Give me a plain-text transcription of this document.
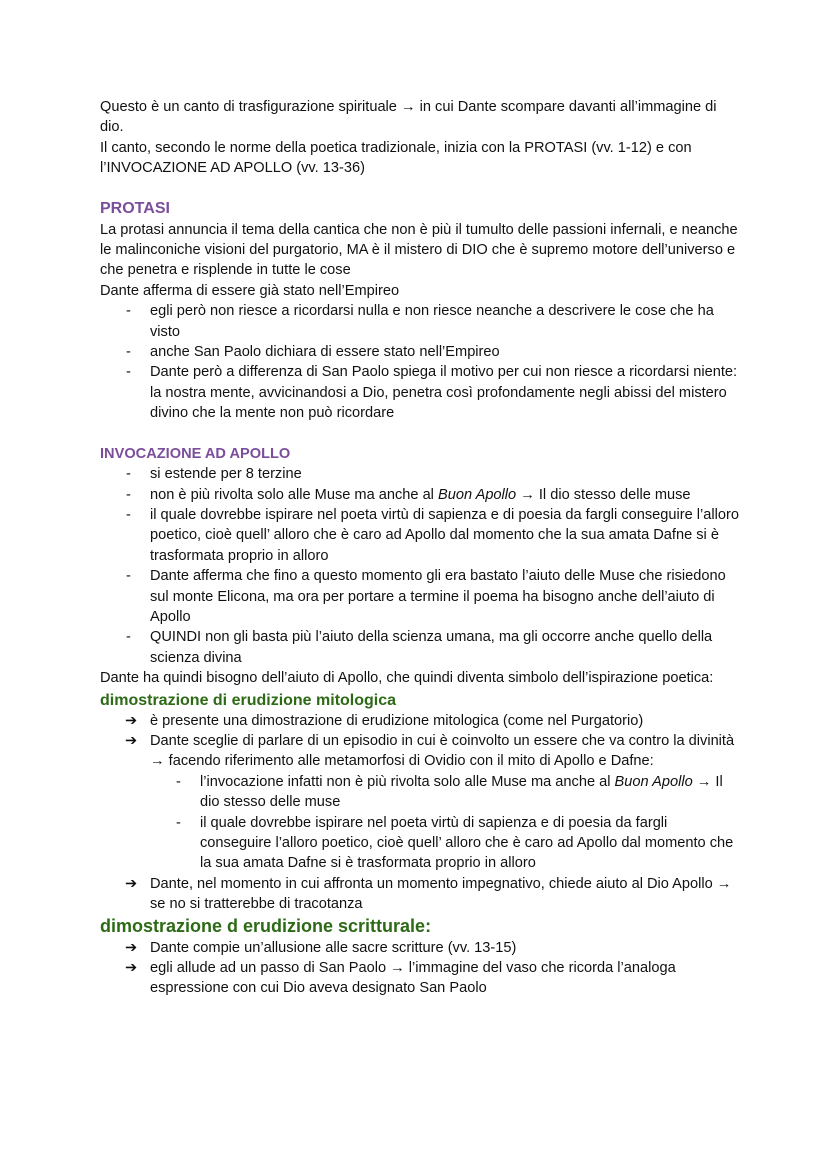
Questo è un canto di trasfigurazione spirituale → in cui Dante scompare davanti all’immagine di dio.

Il canto, secondo le norme della poetica tradizionale, inizia con la PROTASI (vv. 1-12) e con l’INVOCAZIONE AD APOLLO (vv. 13-36)

PROTASI

La protasi annuncia il tema della cantica che non è più il tumulto delle passioni infernali, e neanche le malinconiche visioni del purgatorio, MA è il mistero di DIO che è supremo motore dell’universo e che penetra e risplende in tutte le cose

Dante afferma di essere già stato nell’Empireo

- egli però non riesce a ricordarsi nulla e non riesce neanche a descrivere le cose che ha visto
- anche San Paolo dichiara di essere stato nell’Empireo
- Dante però a differenza di San Paolo spiega il motivo per cui non riesce a ricordarsi niente: la nostra mente, avvicinandosi a Dio, penetra così profondamente negli abissi del mistero divino che la mente non può ricordare
INVOCAZIONE AD APOLLO
- si estende per 8 terzine
- non è più rivolta solo alle Muse ma anche al Buon Apollo → Il dio stesso delle muse
- il quale dovrebbe ispirare nel poeta virtù di sapienza e di poesia da fargli conseguire l’alloro poetico, cioè quell’ alloro che è caro ad Apollo dal momento che la sua amata Dafne si è trasformata proprio in alloro
- Dante afferma che fino a questo momento gli era bastato l’aiuto delle Muse che risiedono sul monte Elicona, ma ora per portare a termine il poema ha bisogno anche dell’aiuto di Apollo
- QUINDI non gli basta più l’aiuto della scienza umana, ma gli occorre anche quello della scienza divina

Dante ha quindi bisogno dell’aiuto di Apollo, che quindi diventa simbolo dell’ispirazione poetica:

dimostrazione di erudizione mitologica
➔ è presente una dimostrazione di erudizione mitologica (come nel Purgatorio)
➔ Dante sceglie di parlare di un episodio in cui è coinvolto un essere che va contro la divinità → facendo riferimento alle metamorfosi di Ovidio con il mito di Apollo e Dafne:
- l’invocazione infatti non è più rivolta solo alle Muse ma anche al Buon Apollo → Il dio stesso delle muse
- il quale dovrebbe ispirare nel poeta virtù di sapienza e di poesia da fargli conseguire l’alloro poetico, cioè quell’ alloro che è caro ad Apollo dal momento che la sua amata Dafne si è trasformata proprio in alloro
➔ Dante, nel momento in cui affronta un momento impegnativo, chiede aiuto al Dio Apollo → se no si tratterebbe di tracotanza
dimostrazione d erudizione scritturale:
➔ Dante compie un’allusione alle sacre scritture (vv. 13-15)
➔ egli allude ad un passo di San Paolo → l’immagine del vaso che ricorda l’analoga espressione con cui Dio aveva designato San Paolo
